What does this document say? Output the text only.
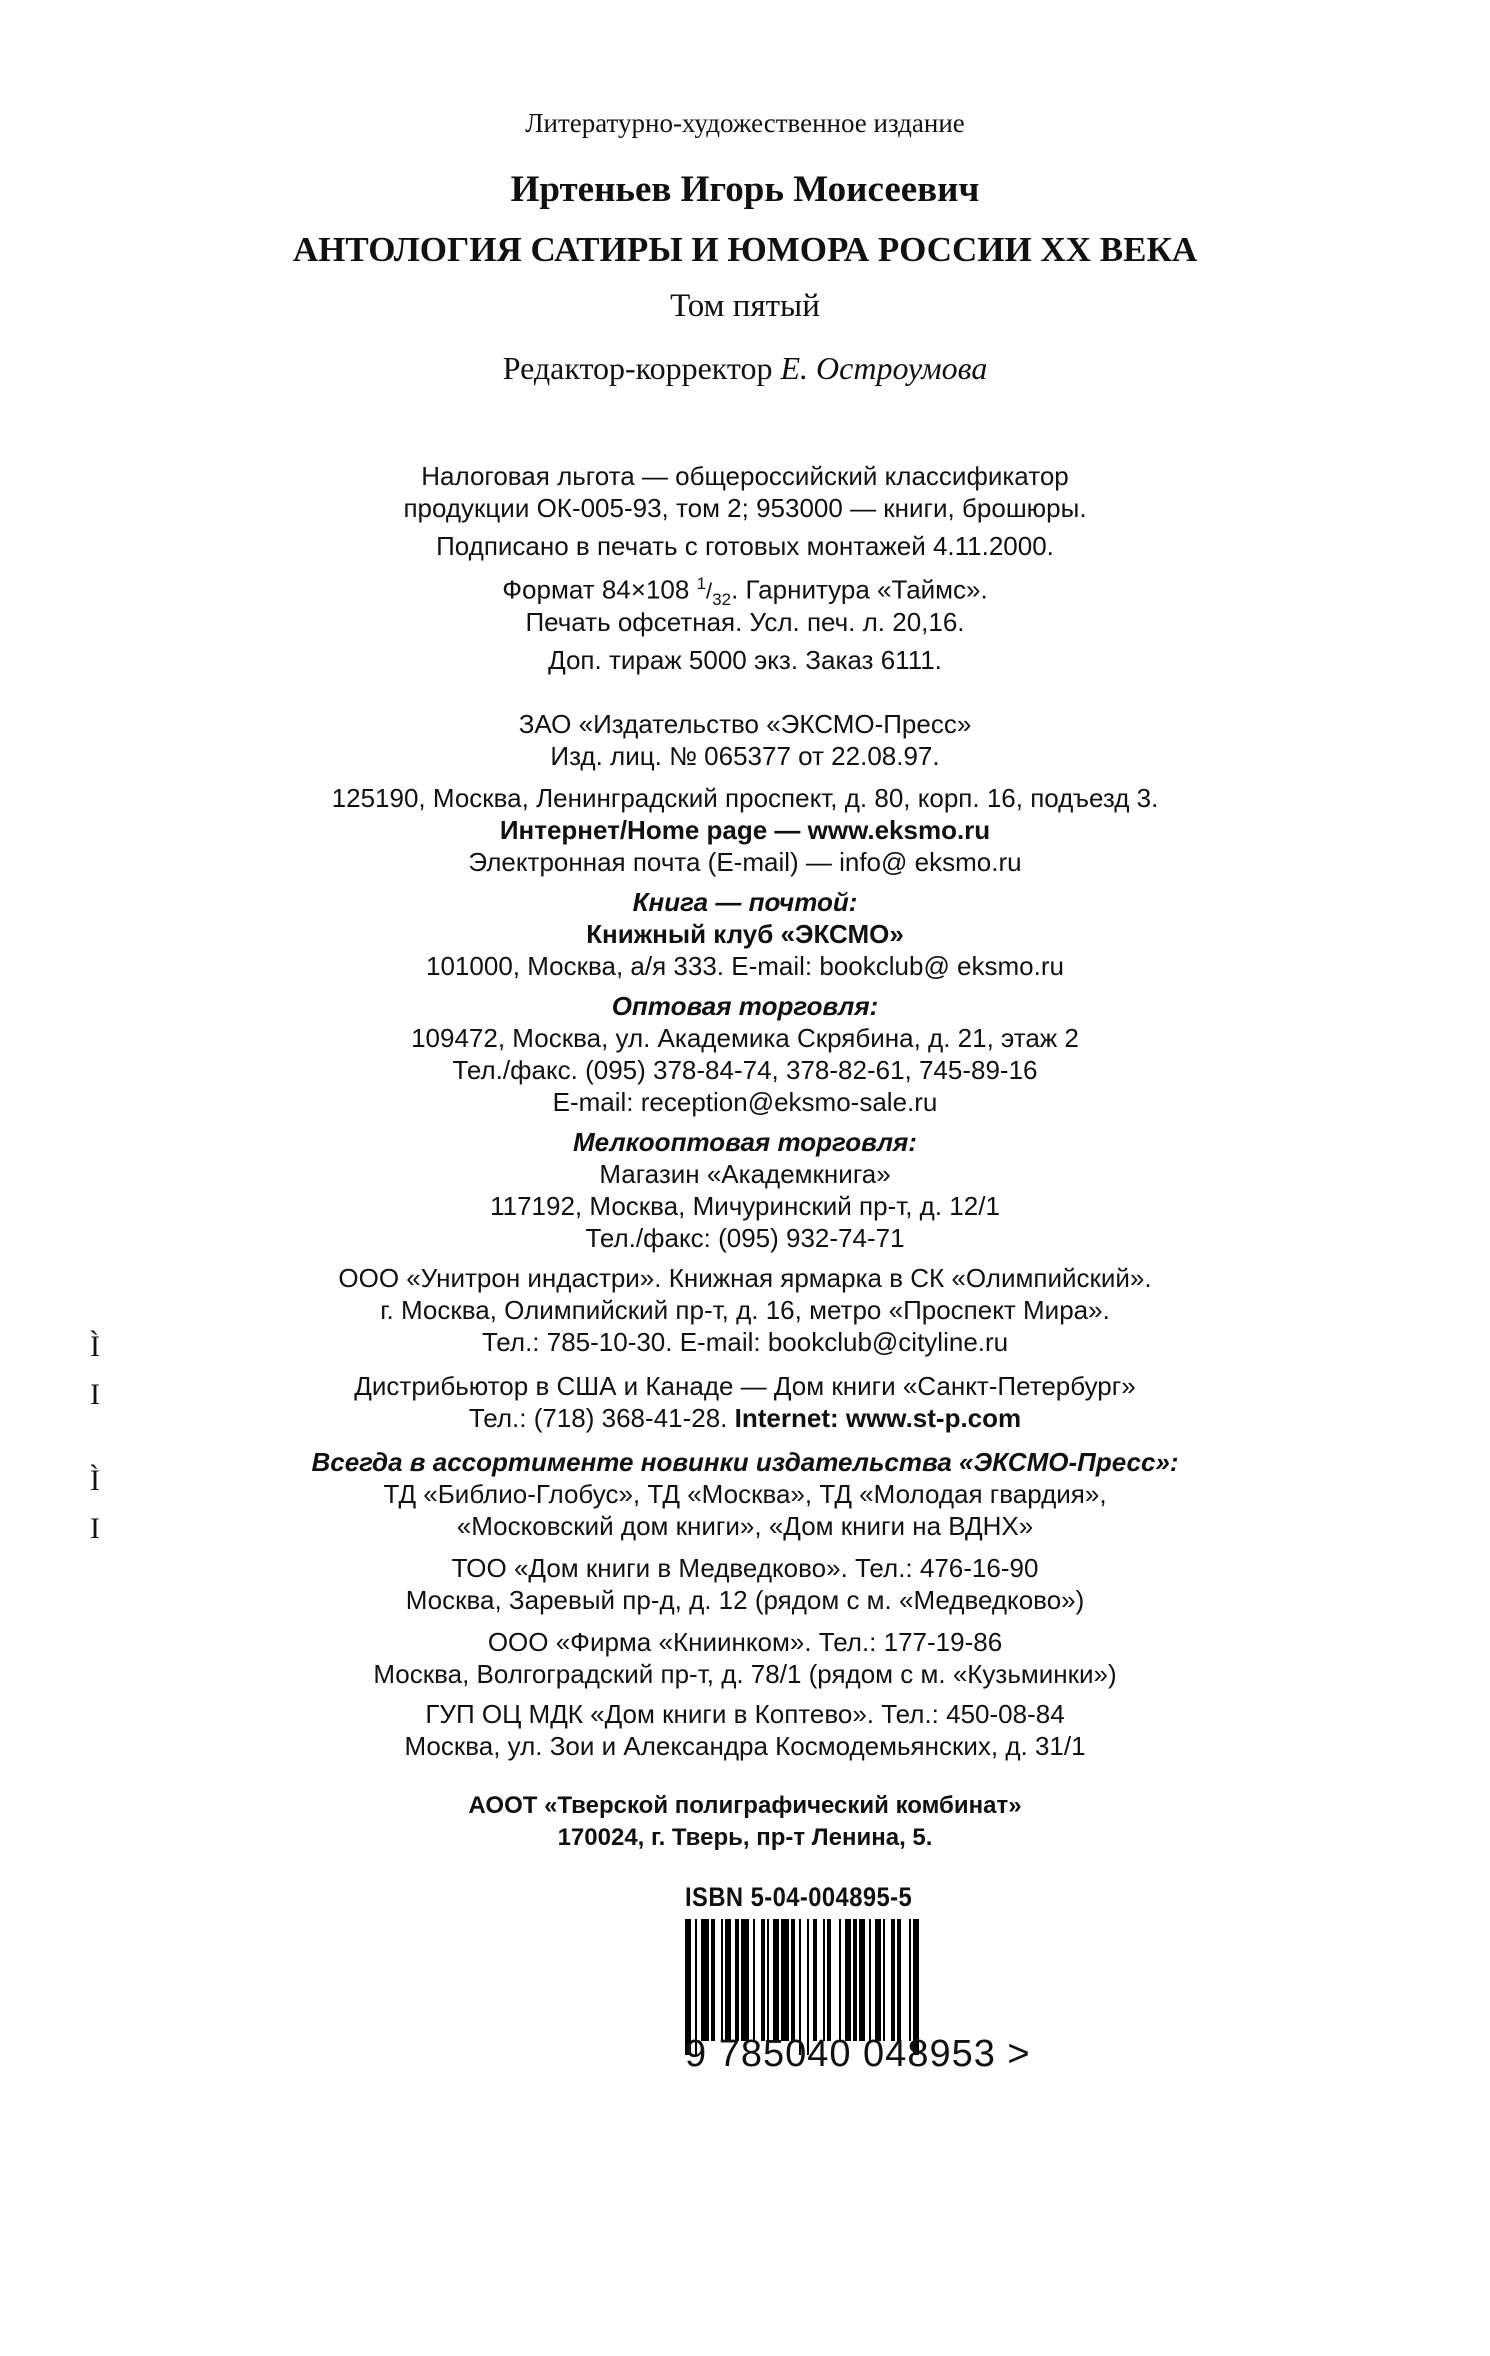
Литературно-художественное издание
Иртеньев Игорь Моисеевич
АНТОЛОГИЯ САТИРЫ И ЮМОРА РОССИИ XX ВЕКА
Том пятый
Редактор-корректор Е. Остроумова
Налоговая льгота — общероссийский классификатор
продукции ОК-005-93, том 2; 953000 — книги, брошюры.
Подписано в печать с готовых монтажей 4.11.2000.
Формат 84×108 $^1/_{32}$. Гарнитура «Таймс».
Печать офсетная. Усл. печ. л. 20,16.
Доп. тираж 5000 экз. Заказ 6111.
ЗАО «Издательство «ЭКСМО-Пресс»
Изд. лиц. № 065377 от 22.08.97.
125190, Москва, Ленинградский проспект, д. 80, корп. 16, подъезд 3.
Интернет/Home page — www.eksmo.ru
Электронная почта (E-mail) — info@ eksmo.ru
Книга — почтой:
Книжный клуб «ЭКСМО»
101000, Москва, а/я 333. E-mail: bookclub@ eksmo.ru
Оптовая торговля:
109472, Москва, ул. Академика Скрябина, д. 21, этаж 2
Тел./факс. (095) 378-84-74, 378-82-61, 745-89-16
E-mail: reception@eksmo-sale.ru
Мелкооптовая торговля:
Магазин «Академкнига»
117192, Москва, Мичуринский пр-т, д. 12/1
Тел./факс: (095) 932-74-71
ООО «Унитрон индастри». Книжная ярмарка в СК «Олимпийский».
г. Москва, Олимпийский пр-т, д. 16, метро «Проспект Мира».
Тел.: 785-10-30. E-mail: bookclub@cityline.ru
Дистрибьютор в США и Канаде — Дом книги «Санкт-Петербург»
Тел.: (718) 368-41-28. Internet: www.st-p.com
Всегда в ассортименте новинки издательства «ЭКСМО-Пресс»:
ТД «Библио-Глобус», ТД «Москва», ТД «Молодая гвардия»,
«Московский дом книги», «Дом книги на ВДНХ»
ТОО «Дом книги в Медведково». Тел.: 476-16-90
Москва, Заревый пр-д, д. 12 (рядом с м. «Медведково»)
ООО «Фирма «Книинком». Тел.: 177-19-86
Москва, Волгоградский пр-т, д. 78/1 (рядом с м. «Кузьминки»)
ГУП ОЦ МДК «Дом книги в Коптево». Тел.: 450-08-84
Москва, ул. Зои и Александра Космодемьянских, д. 31/1
АООТ «Тверской полиграфический комбинат»
170024, г. Тверь, пр-т Ленина, 5.
ISBN 5-04-004895-5
9 785040 048953 >
Ì
I
Ì
I
